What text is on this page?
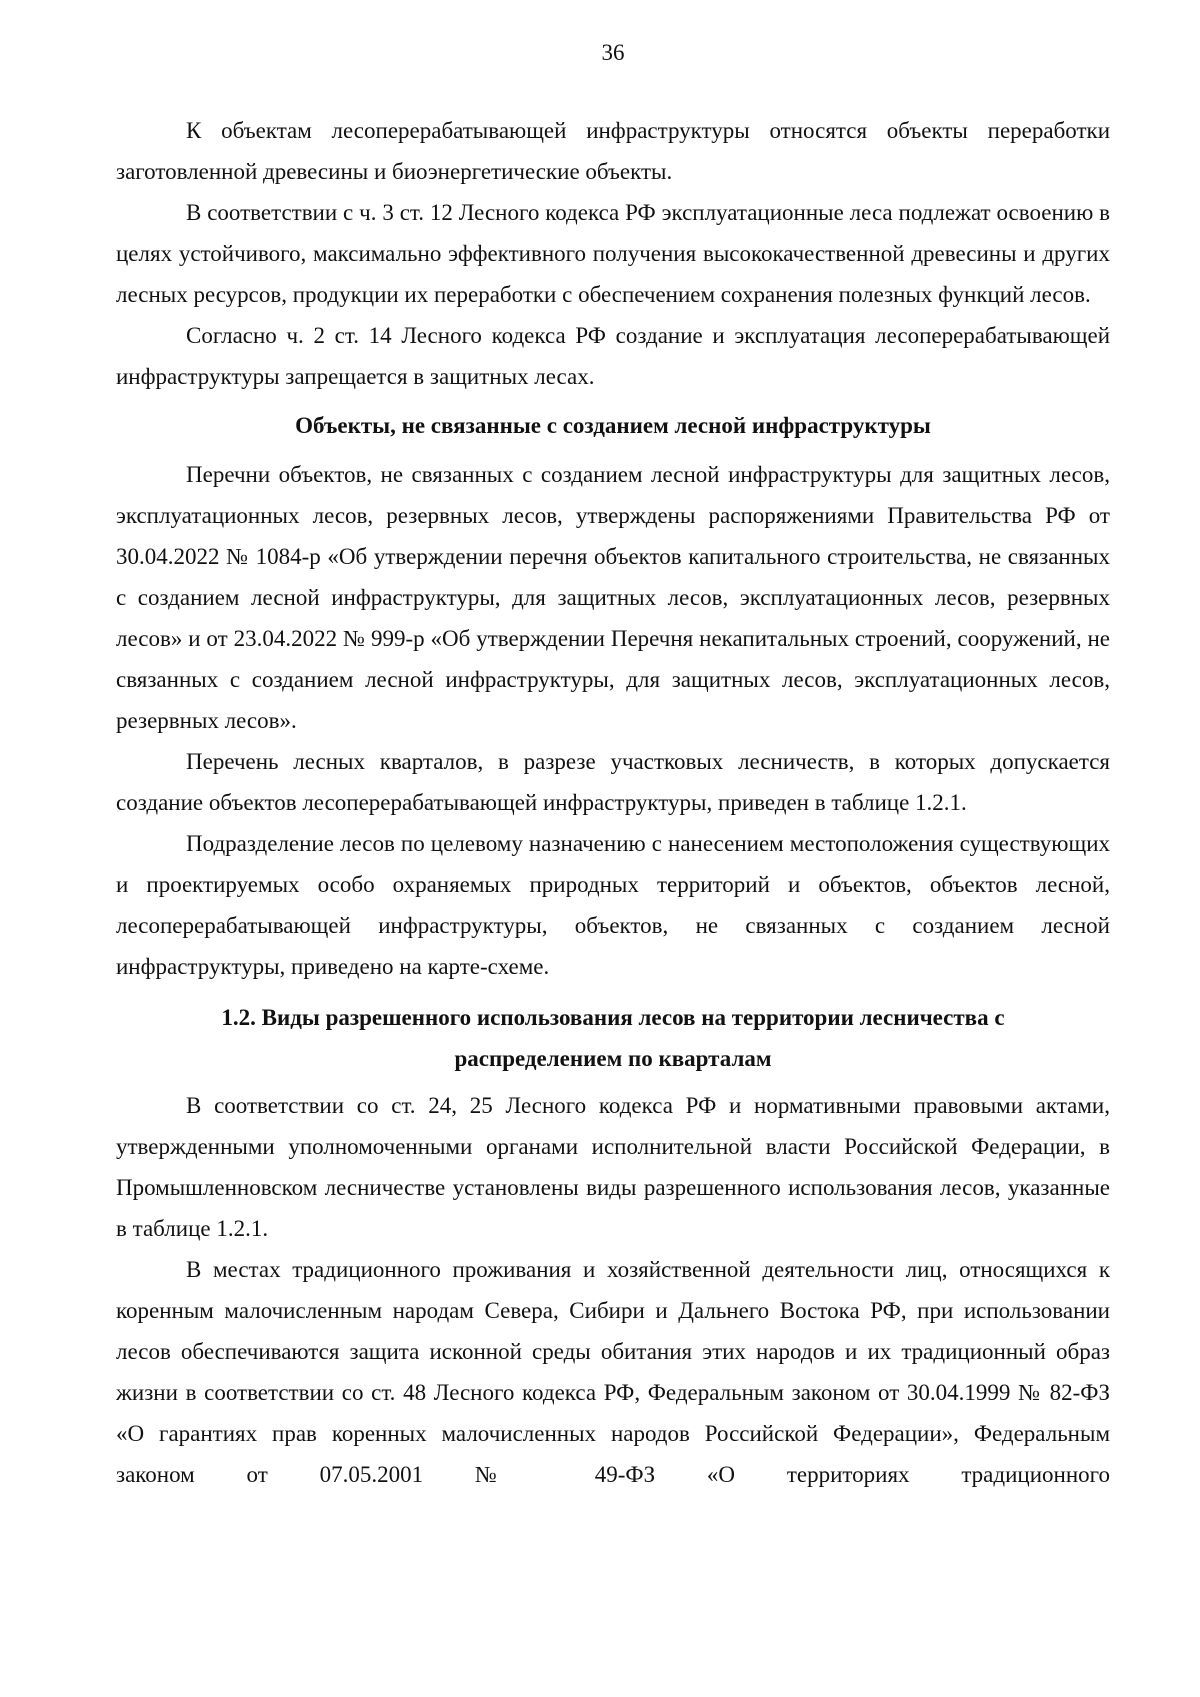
36

К объектам лесоперерабатывающей инфраструктуры относятся объекты переработки заготовленной древесины и биоэнергетические объекты.

В соответствии с ч. 3 ст. 12 Лесного кодекса РФ эксплуатационные леса подлежат освоению в целях устойчивого, максимально эффективного получения высококачественной древесины и других лесных ресурсов, продукции их переработки с обеспечением сохранения полезных функций лесов.

Согласно ч. 2 ст. 14 Лесного кодекса РФ создание и эксплуатация лесоперерабатывающей инфраструктуры запрещается в защитных лесах.

Объекты, не связанные с созданием лесной инфраструктуры

Перечни объектов, не связанных с созданием лесной инфраструктуры для защитных лесов, эксплуатационных лесов, резервных лесов, утверждены распоряжениями Правительства РФ от 30.04.2022 № 1084-р «Об утверждении перечня объектов капитального строительства, не связанных с созданием лесной инфраструктуры, для защитных лесов, эксплуатационных лесов, резервных лесов» и от 23.04.2022 № 999-р «Об утверждении Перечня некапитальных строений, сооружений, не связанных с созданием лесной инфраструктуры, для защитных лесов, эксплуатационных лесов, резервных лесов».

Перечень лесных кварталов, в разрезе участковых лесничеств, в которых допускается создание объектов лесоперерабатывающей инфраструктуры, приведен в таблице 1.2.1.

Подразделение лесов по целевому назначению с нанесением местоположения существующих и проектируемых особо охраняемых природных территорий и объектов, объектов лесной, лесоперерабатывающей инфраструктуры, объектов, не связанных с созданием лесной инфраструктуры, приведено на карте-схеме.

1.2. Виды разрешенного использования лесов на территории лесничества с
распределением по кварталам

В соответствии со ст. 24, 25 Лесного кодекса РФ и нормативными правовыми актами, утвержденными уполномоченными органами исполнительной власти Российской Федерации, в Промышленновском лесничестве установлены виды разрешенного использования лесов, указанные в таблице 1.2.1.

В местах традиционного проживания и хозяйственной деятельности лиц, относящихся к коренным малочисленным народам Севера, Сибири и Дальнего Востока РФ, при использовании лесов обеспечиваются защита исконной среды обитания этих народов и их традиционный образ жизни в соответствии со ст. 48 Лесного кодекса РФ, Федеральным законом от 30.04.1999 № 82-ФЗ «О гарантиях прав коренных малочисленных народов Российской Федерации», Федеральным законом от 07.05.2001 № 49-ФЗ «О территориях традиционного
